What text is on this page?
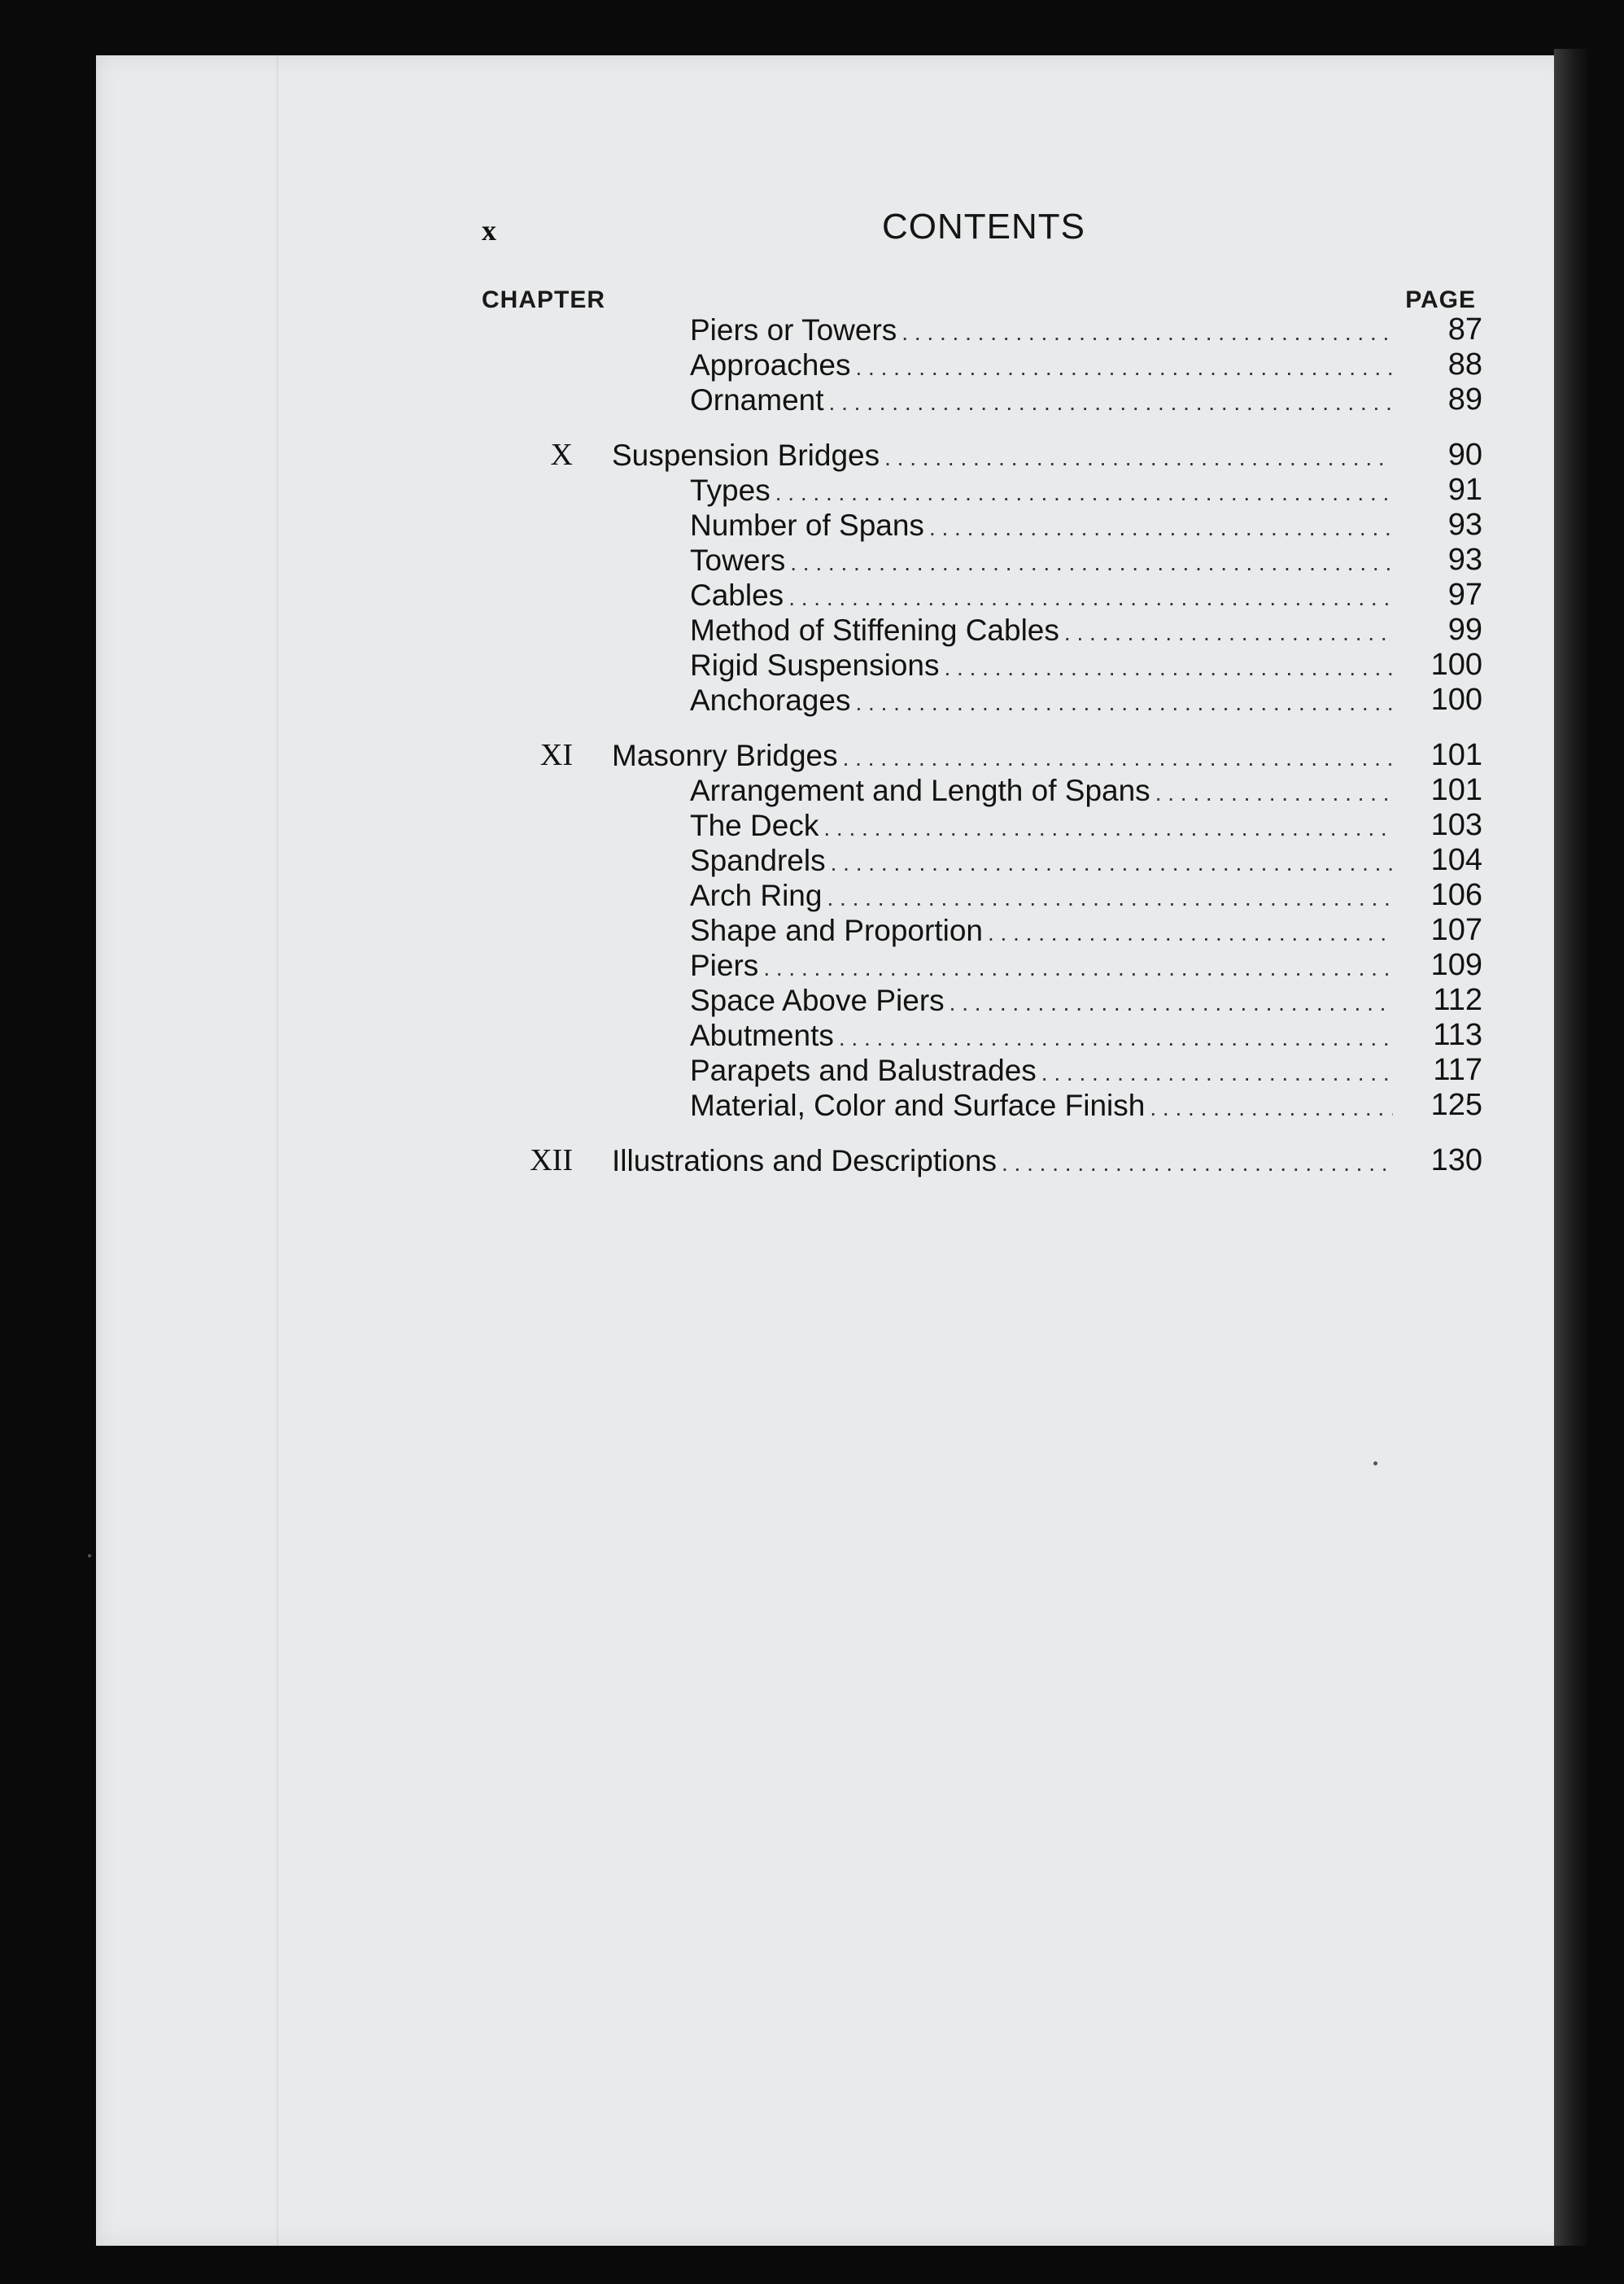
x	CONTENTS
CHAPTER	PAGE
Piers or Towers . . .	87
Approaches . . .	88
Ornament . . .	89
X Suspension Bridges . . .	90
Types . . .	91
Number of Spans . . .	93
Towers . . .	93
Cables . . .	97
Method of Stiffening Cables . . .	99
Rigid Suspensions . . .	100
Anchorages . . .	100
XI Masonry Bridges . . .	101
Arrangement and Length of Spans . . .	101
The Deck . . .	103
Spandrels . . .	104
Arch Ring . . .	106
Shape and Proportion . . .	107
Piers . . .	109
Space Above Piers . . .	112
Abutments . . .	113
Parapets and Balustrades . . .	117
Material, Color and Surface Finish . . .	125
XII Illustrations and Descriptions . . .	130
